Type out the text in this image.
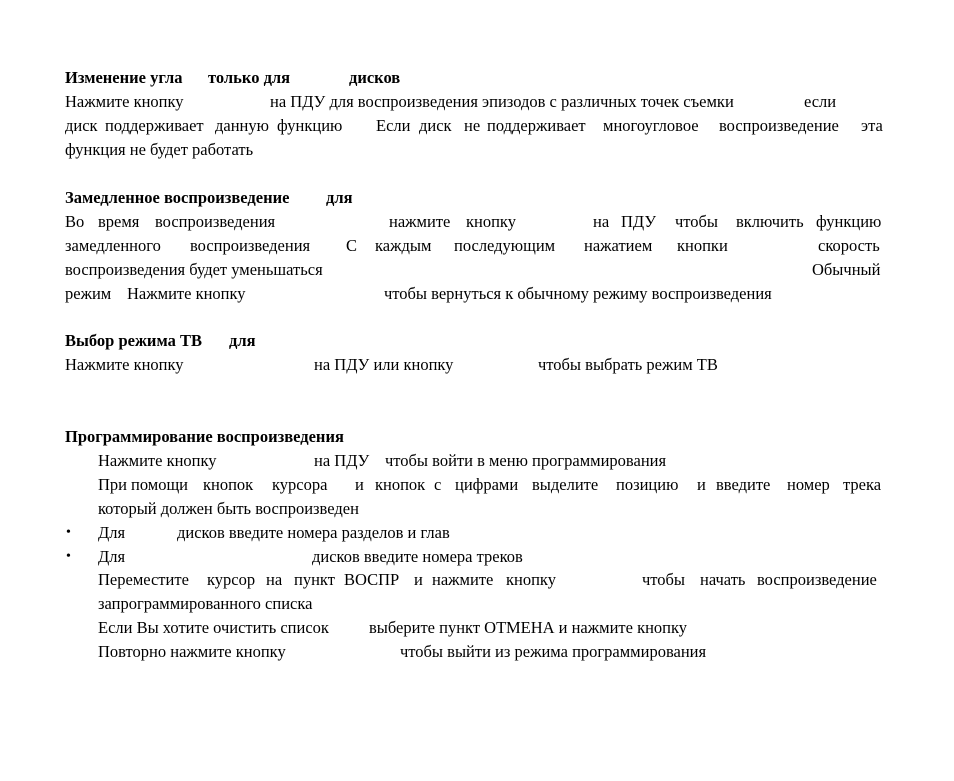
Изменение угла только для	дисков
Нажмите кнопку	на ПДУ для воспроизведения эпизодов с различных точек съемки	если
диск поддерживает данную функцию Если диск не поддерживает многоугловое воспроизведение эта
функция не будет работать
Замедленное воспроизведение для
Во время воспроизведения	нажмите кнопку	на ПДУ чтобы включить функцию
замедленного воспроизведения С каждым последующим нажатием кнопки	скорость
воспроизведения будет уменьшаться	Обычный
режим Нажмите кнопку	чтобы вернуться к обычному режиму воспроизведения
Выбор режима ТВ для
Нажмите кнопку	на ПДУ или кнопку	чтобы выбрать режим ТВ
Программирование воспроизведения
Нажмите кнопку	на ПДУ чтобы войти в меню программирования
При помощи кнопок курсора и кнопок с цифрами выделите позицию и введите номер трека
который должен быть воспроизведен
• Для	дисков введите номера разделов и глав
• Для	дисков введите номера треков
Переместите курсор на пункт ВОСПР и нажмите кнопку	чтобы начать воспроизведение
запрограммированного списка
Если Вы хотите очистить список выберите пункт ОТМЕНА и нажмите кнопку
Повторно нажмите кнопку	чтобы выйти из режима программирования
